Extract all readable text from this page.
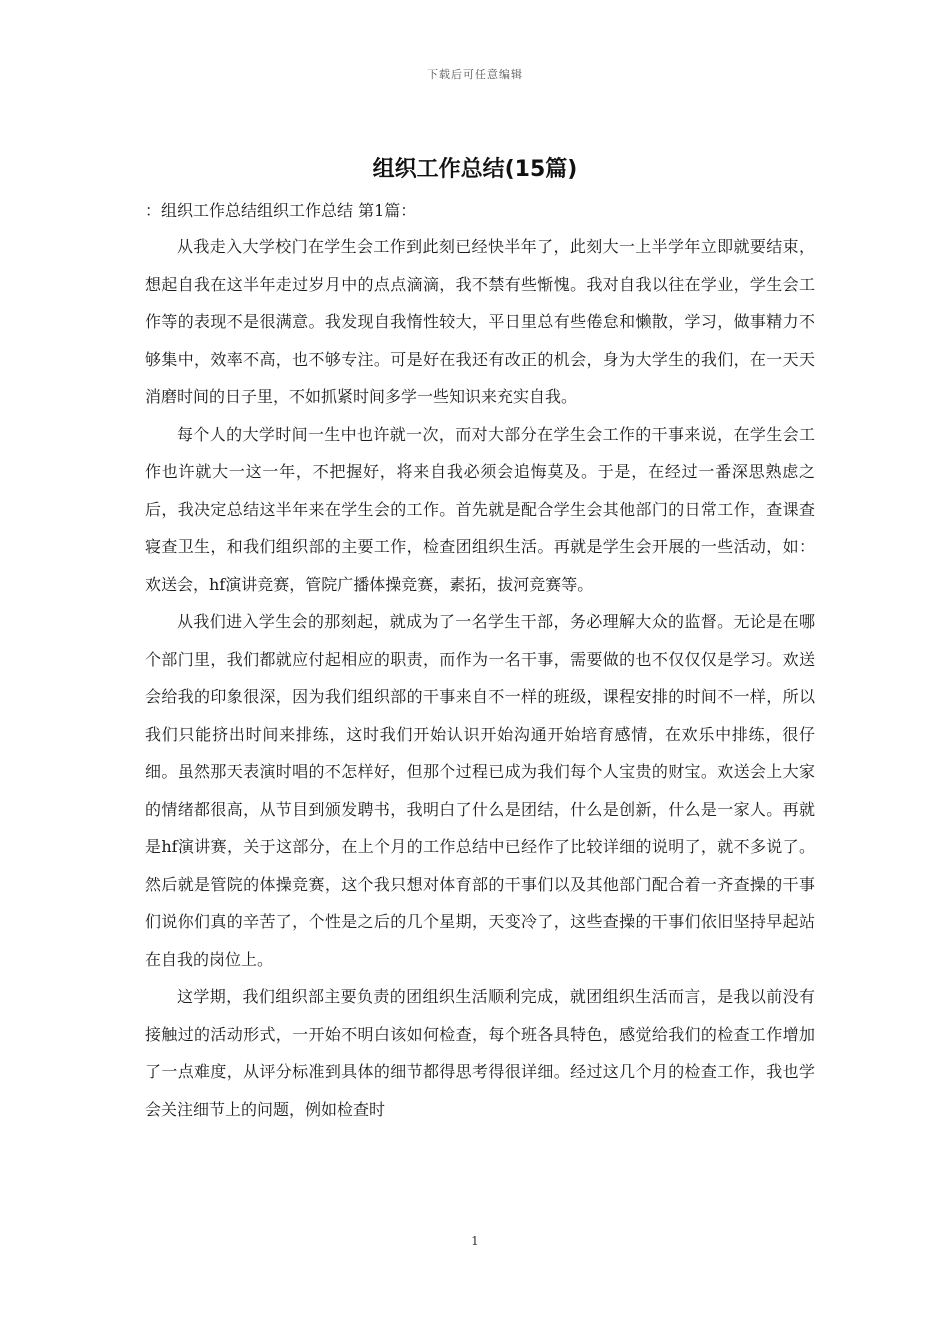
下载后可任意编辑
组织工作总结(15篇)

：组织工作总结组织工作总结 第1篇：

从我走入大学校门在学生会工作到此刻已经快半年了，此刻大一上半学年立即就要结束，想起自我在这半年走过岁月中的点点滴滴，我不禁有些惭愧。我对自我以往在学业，学生会工作等的表现不是很满意。我发现自我惰性较大，平日里总有些倦怠和懒散，学习，做事精力不够集中，效率不高，也不够专注。可是好在我还有改正的机会，身为大学生的我们，在一天天消磨时间的日子里，不如抓紧时间多学一些知识来充实自我。

每个人的大学时间一生中也许就一次，而对大部分在学生会工作的干事来说，在学生会工作也许就大一这一年，不把握好，将来自我必须会追悔莫及。于是，在经过一番深思熟虑之后，我决定总结这半年来在学生会的工作。首先就是配合学生会其他部门的日常工作，查课查寝查卫生，和我们组织部的主要工作，检查团组织生活。再就是学生会开展的一些活动，如：欢送会，hf演讲竞赛，管院广播体操竞赛，素拓，拔河竞赛等。

从我们进入学生会的那刻起，就成为了一名学生干部，务必理解大众的监督。无论是在哪个部门里，我们都就应付起相应的职责，而作为一名干事，需要做的也不仅仅仅是学习。欢送会给我的印象很深，因为我们组织部的干事来自不一样的班级，课程安排的时间不一样，所以我们只能挤出时间来排练，这时我们开始认识开始沟通开始培育感情，在欢乐中排练，很仔细。虽然那天表演时唱的不怎样好，但那个过程已成为我们每个人宝贵的财宝。欢送会上大家的情绪都很高，从节目到颁发聘书，我明白了什么是团结，什么是创新，什么是一家人。再就是hf演讲赛，关于这部分，在上个月的工作总结中已经作了比较详细的说明了，就不多说了。然后就是管院的体操竞赛，这个我只想对体育部的干事们以及其他部门配合着一齐查操的干事们说你们真的辛苦了，个性是之后的几个星期，天变冷了，这些查操的干事们依旧坚持早起站在自我的岗位上。

这学期，我们组织部主要负责的团组织生活顺利完成，就团组织生活而言，是我以前没有接触过的活动形式，一开始不明白该如何检查，每个班各具特色，感觉给我们的检查工作增加了一点难度，从评分标准到具体的细节都得思考得很详细。经过这几个月的检查工作，我也学会关注细节上的问题，例如检查时

1
